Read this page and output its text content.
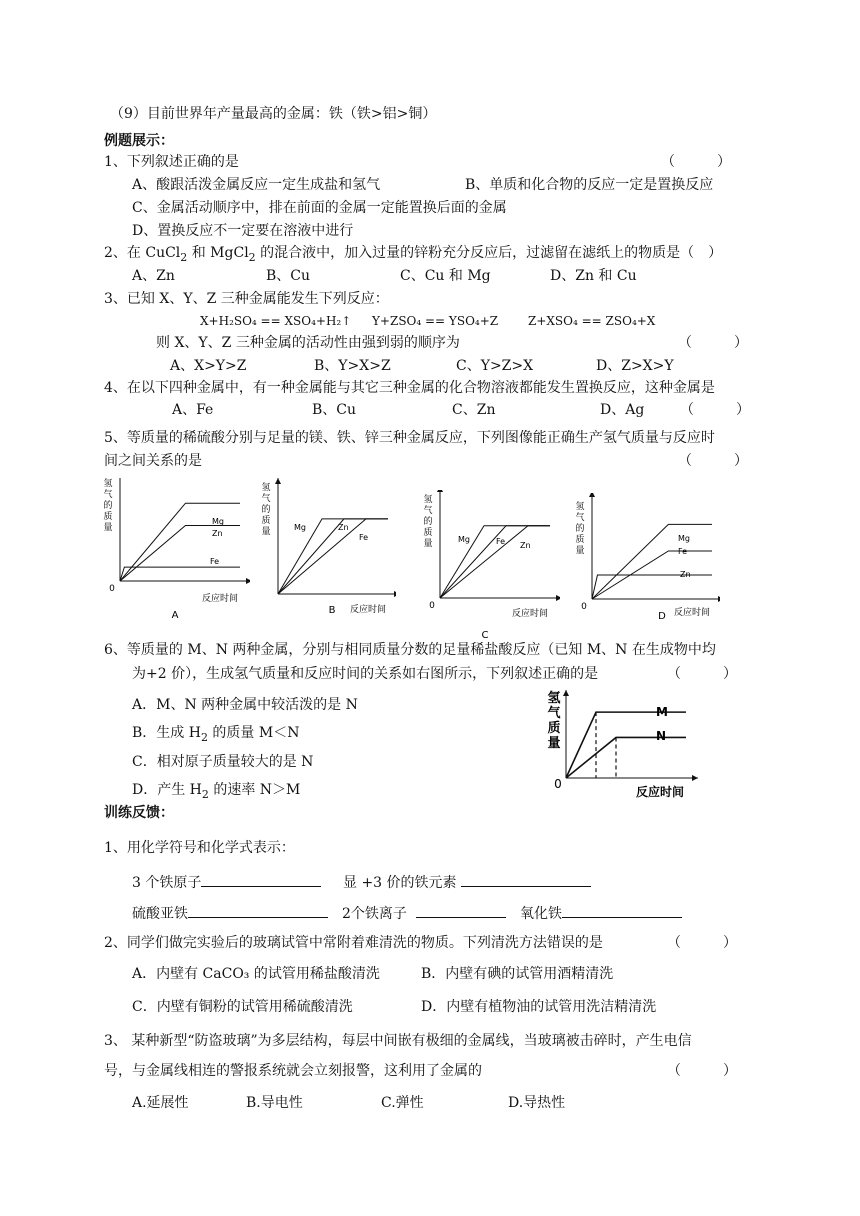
（9）目前世界年产量最高的金属：铁（铁>铝>铜）
例题展示：
1、下列叙述正确的是	（　　　）
A、酸跟活泼金属反应一定生成盐和氢气	B、单质和化合物的反应一定是置换反应
C、金属活动顺序中，排在前面的金属一定能置换后面的金属
D、置换反应不一定要在溶液中进行
2、在 CuCl$_2$ 和 MgCl$_2$ 的混合液中，加入过量的锌粉充分反应后，过滤留在滤纸上的物质是（　）
A、Zn	B、Cu	C、Cu 和 Mg	D、Zn 和 Cu
3、已知 X、Y、Z 三种金属能发生下列反应：
X+H₂SO₄ == XSO₄+H₂↑ Y+ZSO₄ == YSO₄+Z Z+XSO₄ == ZSO₄+X
则 X、Y、Z 三种金属的活动性由强到弱的顺序为	（　　　）
A、X>Y>Z	B、Y>X>Z	C、Y>Z>X	D、Z>X>Y
4、在以下四种金属中，有一种金属能与其它三种金属的化合物溶液都能发生置换反应，这种金属是
A、Fe	B、Cu	C、Zn	D、Ag	（　　　）
5、等质量的稀硫酸分别与足量的镁、铁、锌三种金属反应，下列图像能正确生产氢气质量与反应时
间之间关系的是	（　　　）
氢
气
的
质
量
反应时间
0
Mg
Zn
Fe
A
氢
气
的
质
量
反应时间
Mg	Zn
Fe
B
氢
气
的
质
量
反应时间
0
Mg	Fe Zn
C
氢
气
的
质
量
反应时间
0
Mg
Fe
Zn
D
6、等质量的 M、N 两种金属，分别与相同质量分数的足量稀盐酸反应（已知 M、N 在生成物中均
为+2 价），生成氢气质量和反应时间的关系如右图所示，下列叙述正确的是	（　　　）
A．M、N 两种金属中较活泼的是 N
B．生成 $H_2$ 的质量 M＜N
C．相对原子质量较大的是 N
D．产生 $H_2$ 的速率 N＞M
氢
气
质
量
反应时间
0
M
N
训练反馈：
1、用化学符号和化学式表示：
3 个铁原子	显 +3 价的铁元素
硫酸亚铁	2个铁离子	氧化铁
2、同学们做完实验后的玻璃试管中常附着难清洗的物质。下列清洗方法错误的是	（　　　）
A．内壁有 CaCO₃ 的试管用稀盐酸清洗	B．内壁有碘的试管用酒精清洗
C．内壁有铜粉的试管用稀硫酸清洗	D．内壁有植物油的试管用洗洁精清洗
3、 某种新型“防盗玻璃”为多层结构，每层中间嵌有极细的金属线，当玻璃被击碎时，产生电信
号，与金属线相连的警报系统就会立刻报警，这利用了金属的	（　　　）
A.延展性	B.导电性	C.弹性	D.导热性
